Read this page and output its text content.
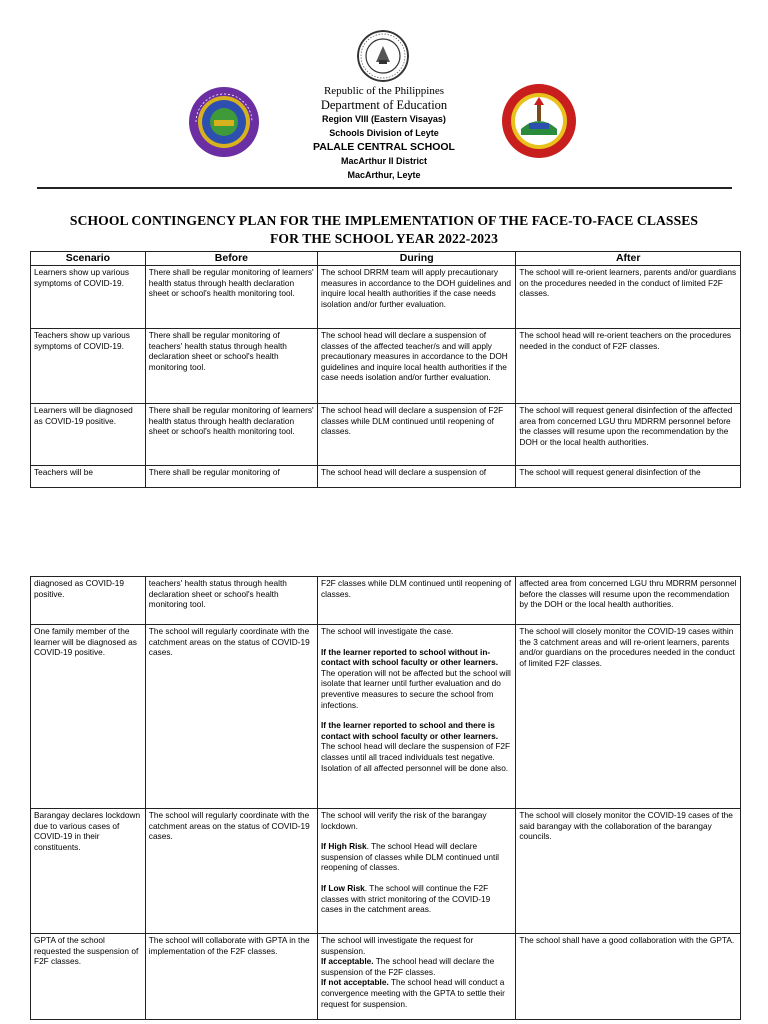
Republic of the Philippines
Department of Education
Region VIII (Eastern Visayas)
Schools Division of Leyte
PALALE CENTRAL SCHOOL
MacArthur II District
MacArthur, Leyte
SCHOOL CONTINGENCY PLAN FOR THE IMPLEMENTATION OF THE FACE-TO-FACE CLASSES
FOR THE SCHOOL YEAR 2022-2023
Scenario	Before	During	After
Learners show up various symptoms of COVID-19.	There shall be regular monitoring of learners' health status through health declaration sheet or school's health monitoring tool.	The school DRRM team will apply precautionary measures in accordance to the DOH guidelines and inquire local health authorities if the case needs isolation and/or further evaluation.	The school will re-orient learners, parents and/or guardians on the procedures needed in the conduct of limited F2F classes.
Teachers show up various symptoms of COVID-19.	There shall be regular monitoring of teachers' health status through health declaration sheet or school's health monitoring tool.	The school head will declare a suspension of classes of the affected teacher/s and will apply precautionary measures in accordance to the DOH guidelines and inquire local health authorities if the case needs isolation and/or further evaluation.	The school head will re-orient teachers on the procedures needed in the conduct of F2F classes.
Learners will be diagnosed as COVID-19 positive.	There shall be regular monitoring of learners' health status through health declaration sheet or school's health monitoring tool.	The school head will declare a suspension of F2F classes while DLM continued until reopening of classes.	The school will request general disinfection of the affected area from concerned LGU thru MDRRM personnel before the classes will resume upon the recommendation by the DOH or the local health authorities.
Teachers will be	There shall be regular monitoring of	The school head will declare a suspension of	The school will request general disinfection of the
diagnosed as COVID-19 positive.	teachers' health status through health declaration sheet or school's health monitoring tool.	F2F classes while DLM continued until reopening of classes.	affected area from concerned LGU thru MDRRM personnel before the classes will resume upon the recommendation by the DOH or the local health authorities.
One family member of the learner will be diagnosed as COVID-19 positive.	The school will regularly coordinate with the catchment areas on the status of COVID-19 cases.	The school will investigate the case.

If the learner reported to school without in-contact with school faculty or other learners.

The operation will not be affected but the school will isolate that learner until further evaluation and do preventive measures to secure the school from infections.

If the learner reported to school and there is contact with school faculty or other learners.

The school head will declare the suspension of F2F classes until all traced individuals test negative. Isolation of all affected personnel will be done also.	The school will closely monitor the COVID-19 cases within the 3 catchment areas and will re-orient learners, parents and/or guardians on the procedures needed in the conduct of limited F2F classes.
Barangay declares lockdown due to various cases of COVID-19 in their constituents.	The school will regularly coordinate with the catchment areas on the status of COVID-19 cases.	The school will verify the risk of the barangay lockdown.

If High Risk. The school Head will declare suspension of classes while DLM continued until reopening of classes.

If Low Risk. The school will continue the F2F classes with strict monitoring of the COVID-19 cases in the catchment areas.	The school will closely monitor the COVID-19 cases of the said barangay with the collaboration of the barangay councils.
GPTA of the school requested the suspension of F2F classes.	The school will collaborate with GPTA in the implementation of the F2F classes.	The school will investigate the request for suspension.

If acceptable. The school head will declare the suspension of the F2F classes.

If not acceptable. The school head will conduct a convergence meeting with the GPTA to settle their request for suspension.	The school shall have a good collaboration with the GPTA.
